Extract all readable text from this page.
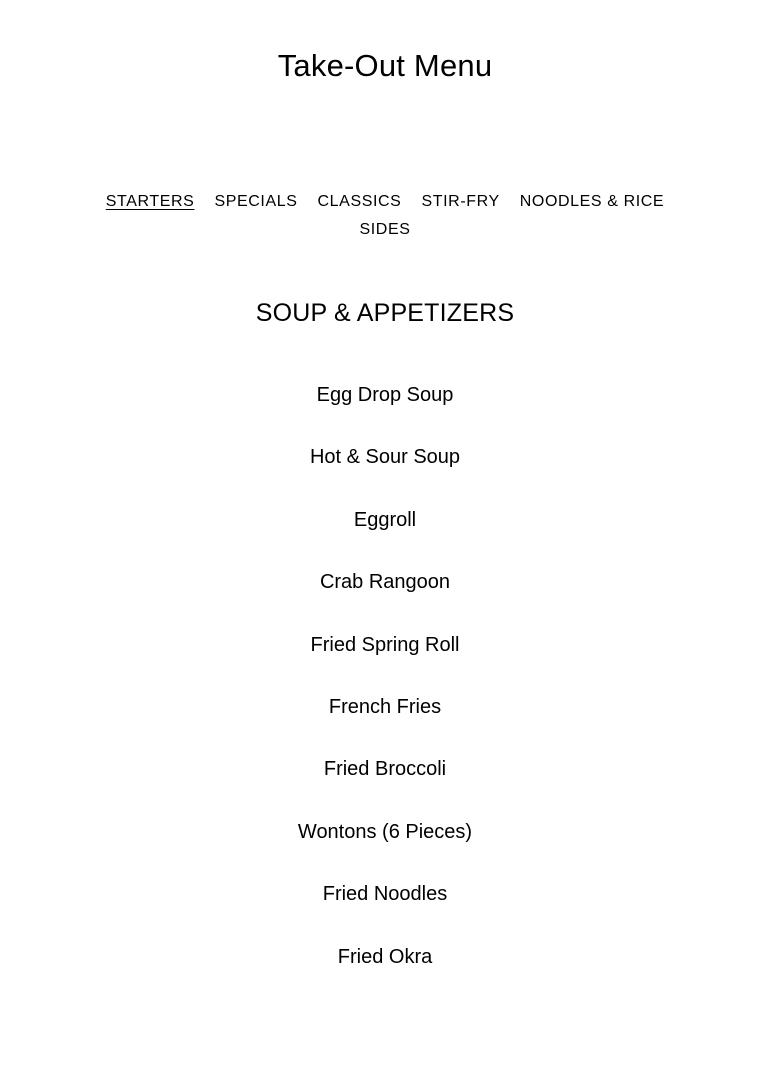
Take-Out Menu
STARTERS SPECIALS CLASSICS STIR-FRY NOODLES & RICE
SIDES
SOUP & APPETIZERS
Egg Drop Soup
Hot & Sour Soup
Eggroll
Crab Rangoon
Fried Spring Roll
French Fries
Fried Broccoli
Wontons (6 Pieces)
Fried Noodles
Fried Okra
